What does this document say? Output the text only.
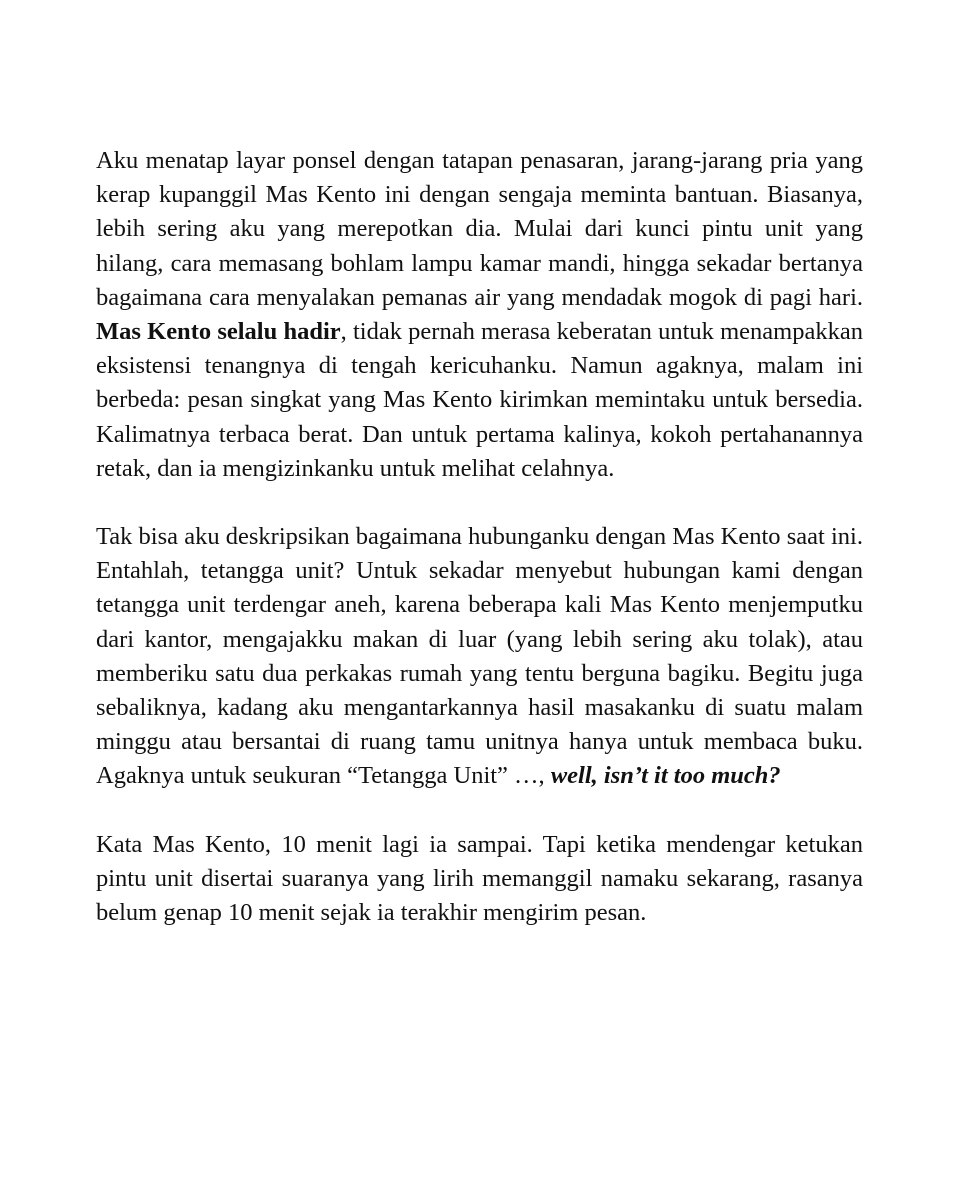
Aku menatap layar ponsel dengan tatapan penasaran, jarang-jarang pria yang kerap kupanggil Mas Kento ini dengan sengaja meminta bantuan. Biasanya, lebih sering aku yang merepotkan dia. Mulai dari kunci pintu unit yang hilang, cara memasang bohlam lampu kamar mandi, hingga sekadar bertanya bagaimana cara menyalakan pemanas air yang mendadak mogok di pagi hari. Mas Kento selalu hadir, tidak pernah merasa keberatan untuk menampakkan eksistensi tenangnya di tengah kericuhanku. Namun agaknya, malam ini berbeda: pesan singkat yang Mas Kento kirimkan memintaku untuk bersedia. Kalimatnya terbaca berat. Dan untuk pertama kalinya, kokoh pertahanannya retak, dan ia mengizinkanku untuk melihat celahnya.

Tak bisa aku deskripsikan bagaimana hubunganku dengan Mas Kento saat ini. Entahlah, tetangga unit? Untuk sekadar menyebut hubungan kami dengan tetangga unit terdengar aneh, karena beberapa kali Mas Kento menjemputku dari kantor, mengajakku makan di luar (yang lebih sering aku tolak), atau memberiku satu dua perkakas rumah yang tentu berguna bagiku. Begitu juga sebaliknya, kadang aku mengantarkannya hasil masakanku di suatu malam minggu atau bersantai di ruang tamu unitnya hanya untuk membaca buku. Agaknya untuk seukuran “Tetangga Unit” …, well, isn’t it too much?

Kata Mas Kento, 10 menit lagi ia sampai. Tapi ketika mendengar ketukan pintu unit disertai suaranya yang lirih memanggil namaku sekarang, rasanya belum genap 10 menit sejak ia terakhir mengirim pesan.
